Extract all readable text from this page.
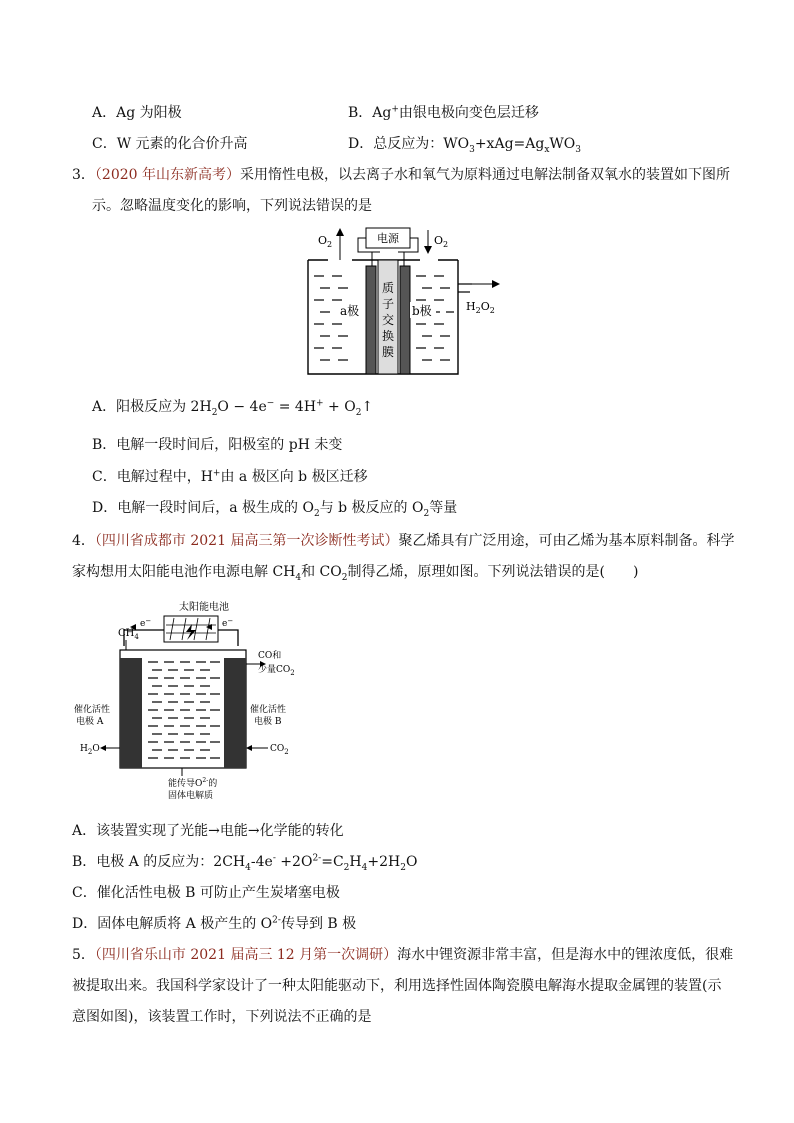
A．Ag 为阳极	B．Ag+由银电极向变色层迁移
C．W 元素的化合价升高	D．总反应为：$WO_3+xAg=Ag_xWO_3$
3．（2020 年山东新高考）采用惰性电极，以去离子水和氧气为原料通过电解法制备双氧水的装置如下图所
示。忽略温度变化的影响，下列说法错误的是
电源
$O_2$	$O_2$
$H_2O_2$
质
子
交
换
膜
a极	b极
A．阳极反应为 $2H_2O - 4e^- = 4H^+$ + $O_2↑$
B．电解一段时间后，阳极室的 pH 未变
C．电解过程中，H+由 a 极区向 b 极区迁移
D．电解一段时间后，a 极生成的 $O_2$与 b 极反应的 $O_2$等量
4．（四川省成都市 2021 届高三第一次诊断性考试）聚乙烯具有广泛用途，可由乙烯为基本原料制备。科学
家构想用太阳能电池作电源电解 $CH_4$和 $CO_2$制得乙烯，原理如图。下列说法错误的是(　　)
太阳能电池
e−	e−
$CH_4$
CO和
少量$CO_2$
催化活性
电极 A
催化活性
电极 B
$H_2O$	$CO_2$
能传导$O^{2-}$的
固体电解质
A．该装置实现了光能→电能→化学能的转化
B．电极 A 的反应为：$2CH_4-4e^- +2O^{2-}=C_2H_4+2H_2O$
C．催化活性电极 B 可防止产生炭堵塞电极
D．固体电解质将 A 极产生的 $O^{2-}$传导到 B 极
5．（四川省乐山市 2021 届高三 12 月第一次调研）海水中锂资源非常丰富，但是海水中的锂浓度低，很难
被提取出来。我国科学家设计了一种太阳能驱动下，利用选择性固体陶瓷膜电解海水提取金属锂的装置(示
意图如图)，该装置工作时，下列说法不正确的是
